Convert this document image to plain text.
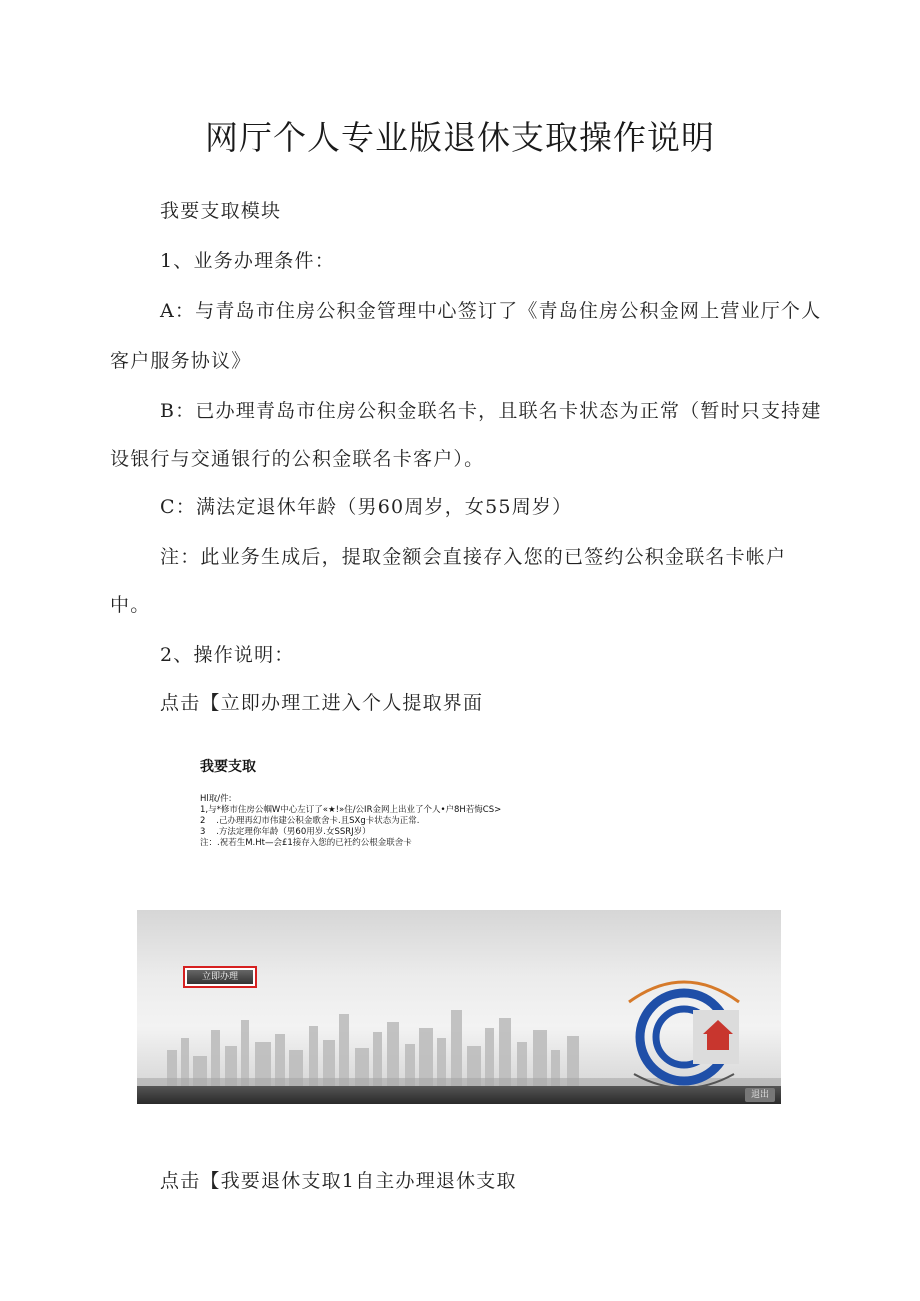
网厅个人专业版退休支取操作说明
我要支取模块
1、业务办理条件：
A：与青岛市住房公积金管理中心签订了《青岛住房公积金网上营业厅个人
客户服务协议》
B：已办理青岛市住房公积金联名卡，且联名卡状态为正常（暂时只支持建
设银行与交通银行的公积金联名卡客户）。
C：满法定退休年龄（男60周岁，女55周岁）
注：此业务生成后，提取金额会直接存入您的已签约公积金联名卡帐户
中。
2、操作说明：
点击【立即办理工进入个人提取界面
我要支取
Hl取/件:
1,与*修市住房公帼W中心左订了«★!»住/公IR金网上出业了个人•户8H若悔CS>
2 .己办理再幻市伟建公积金歌舍卡.且SXg卡状态为正常.
3 .方法定理你年龄（男60用岁.女SSRJ岁）
注：.祝若生M.Ht—会£1接存入您的已衽约公根金联舍卡
立即办理
退出
点击【我要退休支取1自主办理退休支取
